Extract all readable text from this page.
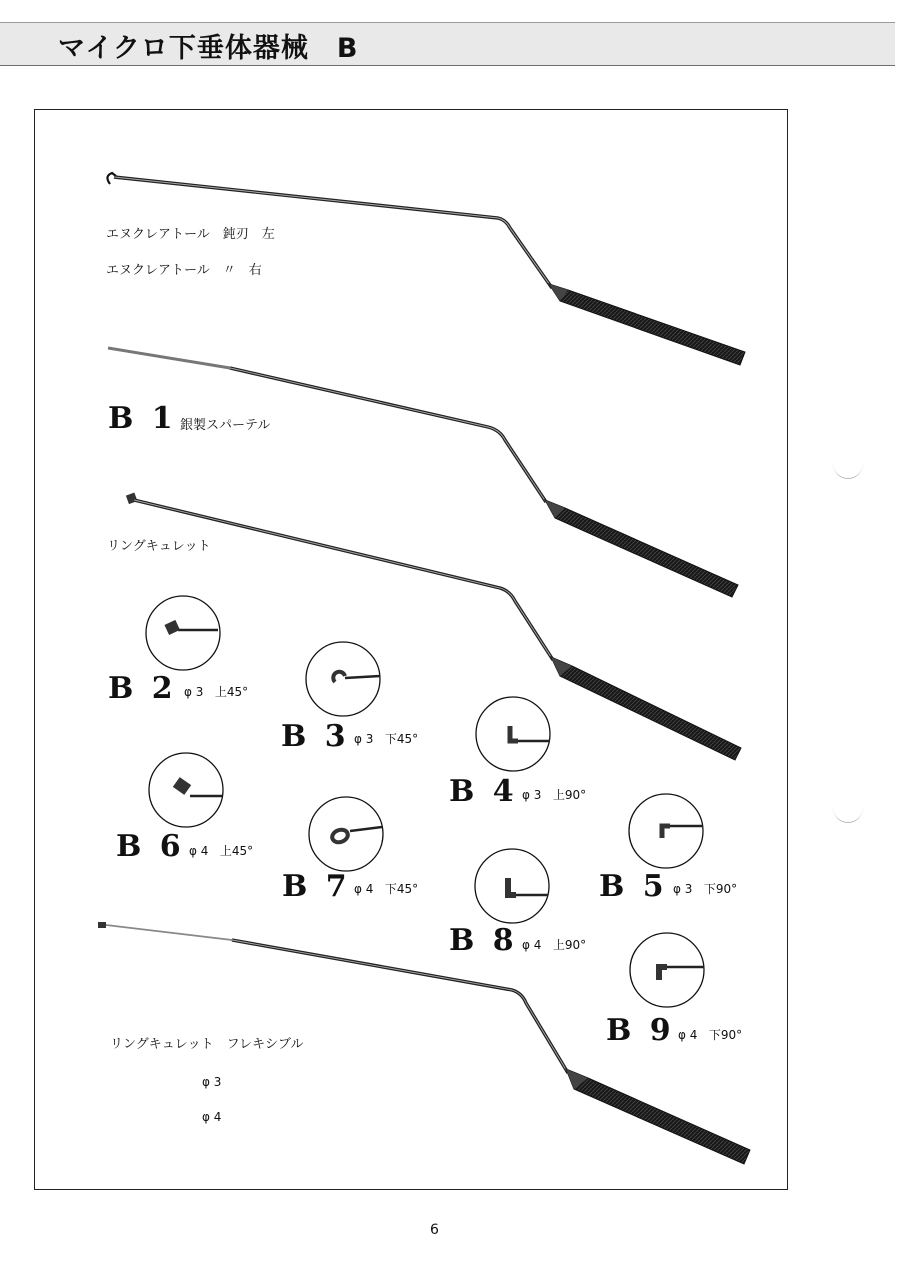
マイクロ下垂体器械　B
エヌクレアトール　鈍刃　左
エヌクレアトール　〃　右
B 1 銀製スパーテル
リングキュレット
B 2 φ 3 上45°
B 3 φ 3 下45°
B 4 φ 3 上90°
B 6 φ 4 上45°
B 7 φ 4 下45°	B 5 φ 3 下90°
B 8 φ 4 上90°
B 9 φ 4 下90°
リングキュレット　フレキシブル
φ 3
φ 4
6
